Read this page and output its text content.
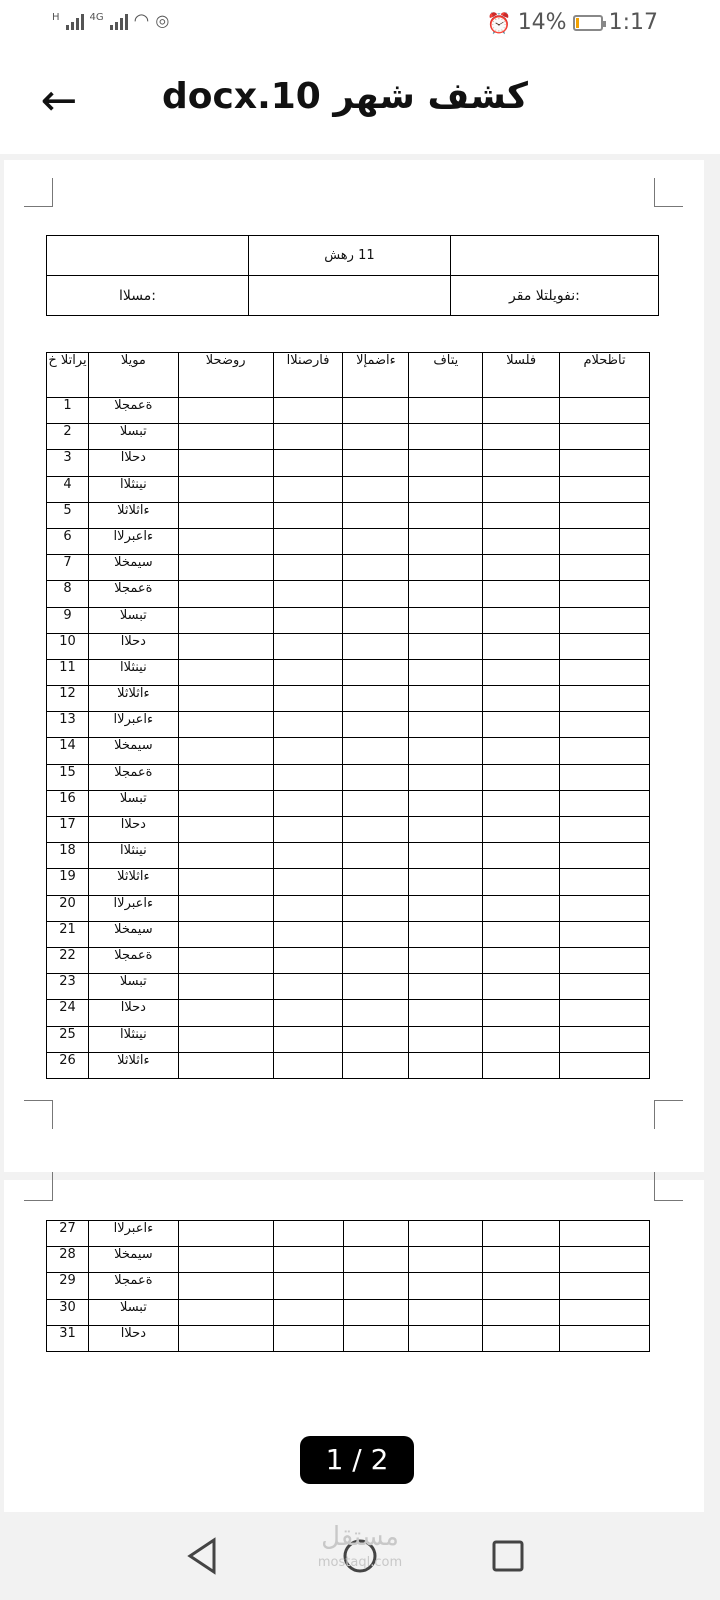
H	4G ◠ ◎	⏰ 14% 1:17
← كشف شهر 10.docx
	11 رهش	
:مسلاا		:نفويلتلا مقر
يراتلا خ	مويلا	روضحلا	فارصنلاا	ءاضمإلا	يتاف	فلسلا	تاظحلام
1	ةعمجلا						
2	تبسلا						
3	دحلاا						
4	نينثلاا						
5	ءاثلاثلا						
6	ءاعبرلاا						
7	سيمخلا						
8	ةعمجلا						
9	تبسلا						
10	دحلاا						
11	نينثلاا						
12	ءاثلاثلا						
13	ءاعبرلاا						
14	سيمخلا						
15	ةعمجلا						
16	تبسلا						
17	دحلاا						
18	نينثلاا						
19	ءاثلاثلا						
20	ءاعبرلاا						
21	سيمخلا						
22	ةعمجلا						
23	تبسلا						
24	دحلاا						
25	نينثلاا						
26	ءاثلاثلا						
27	ءاعبرلاا						
28	سيمخلا						
29	ةعمجلا						
30	تبسلا						
31	دحلاا						
1 / 2
مستقل
mostaql.com
